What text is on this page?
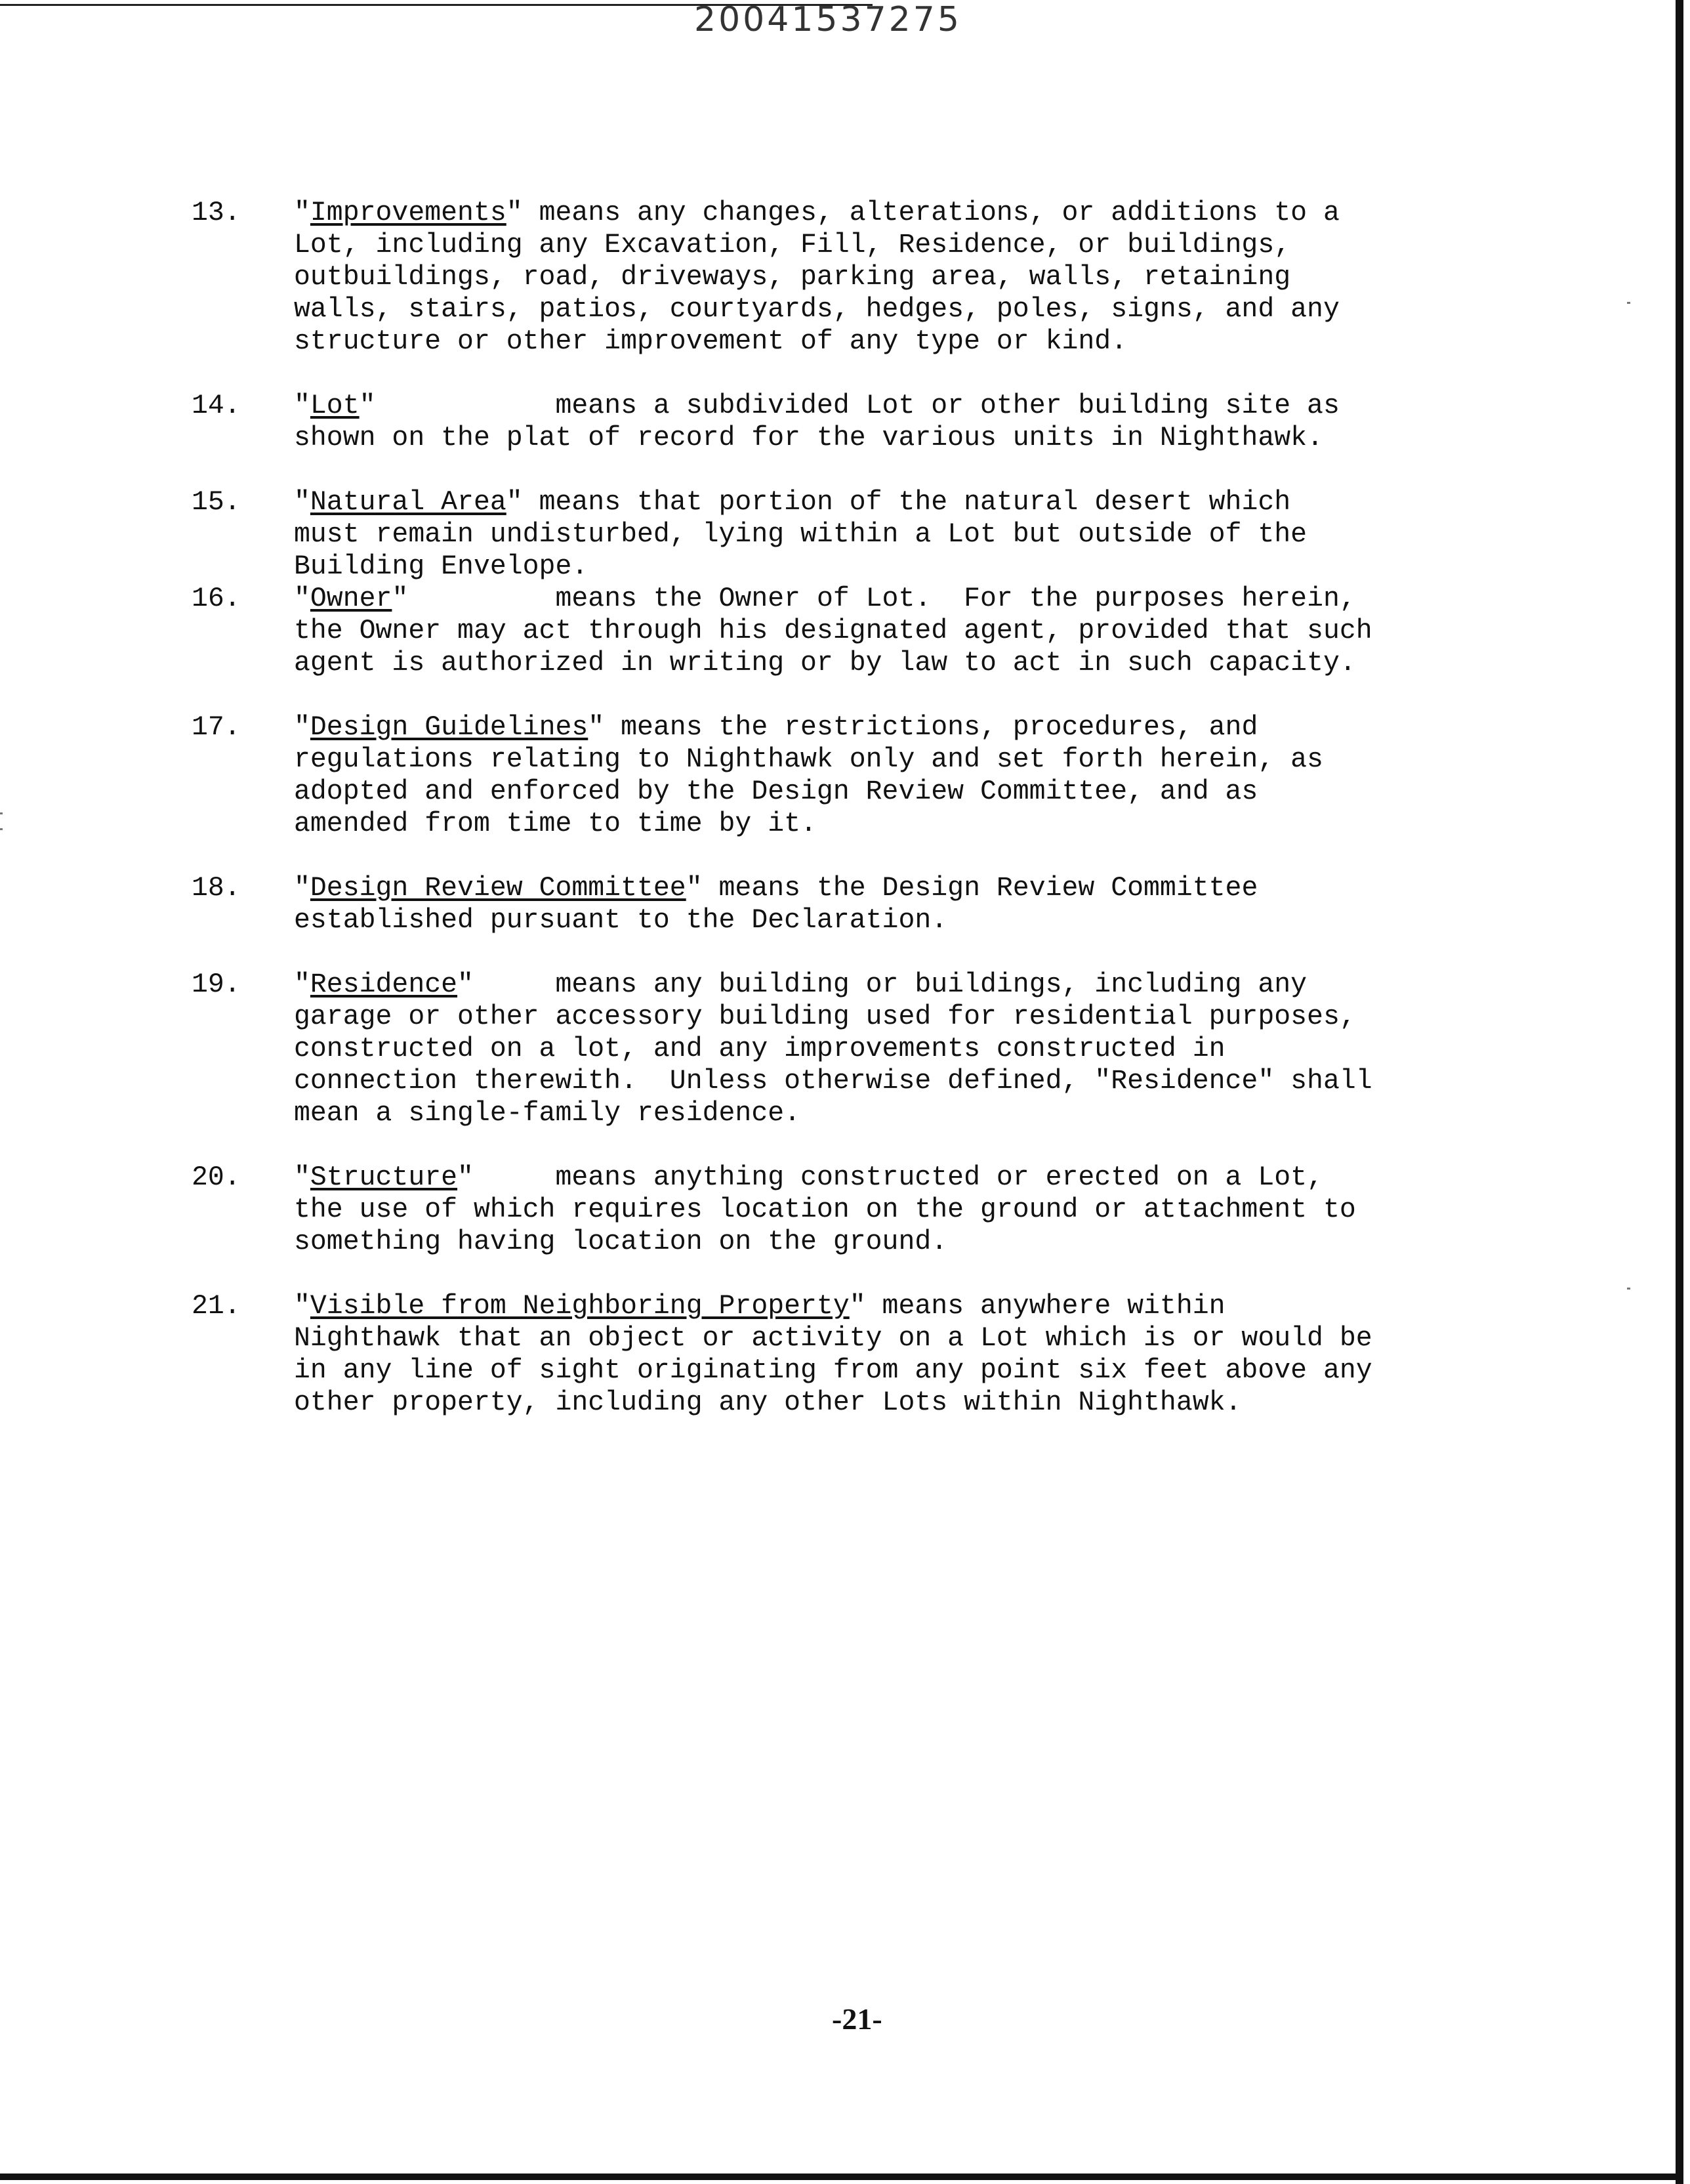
20041537275
13. "Improvements" means any changes, alterations, or additions to a
Lot, including any Excavation, Fill, Residence, or buildings,
outbuildings, road, driveways, parking area, walls, retaining
walls, stairs, patios, courtyards, hedges, poles, signs, and any
structure or other improvement of any type or kind.
14. "Lot"           means a subdivided Lot or other building site as
shown on the plat of record for the various units in Nighthawk.
15. "Natural Area" means that portion of the natural desert which
must remain undisturbed, lying within a Lot but outside of the
Building Envelope.
16. "Owner"         means the Owner of Lot.  For the purposes herein,
the Owner may act through his designated agent, provided that such
agent is authorized in writing or by law to act in such capacity.
17. "Design Guidelines" means the restrictions, procedures, and
regulations relating to Nighthawk only and set forth herein, as
adopted and enforced by the Design Review Committee, and as
amended from time to time by it.
18. "Design Review Committee" means the Design Review Committee
established pursuant to the Declaration.
19. "Residence"     means any building or buildings, including any
garage or other accessory building used for residential purposes,
constructed on a lot, and any improvements constructed in
connection therewith.  Unless otherwise defined, "Residence" shall
mean a single-family residence.
20. "Structure"     means anything constructed or erected on a Lot,
the use of which requires location on the ground or attachment to
something having location on the ground.
21. "Visible from Neighboring Property" means anywhere within
Nighthawk that an object or activity on a Lot which is or would be
in any line of sight originating from any point six feet above any
other property, including any other Lots within Nighthawk.
-21-
